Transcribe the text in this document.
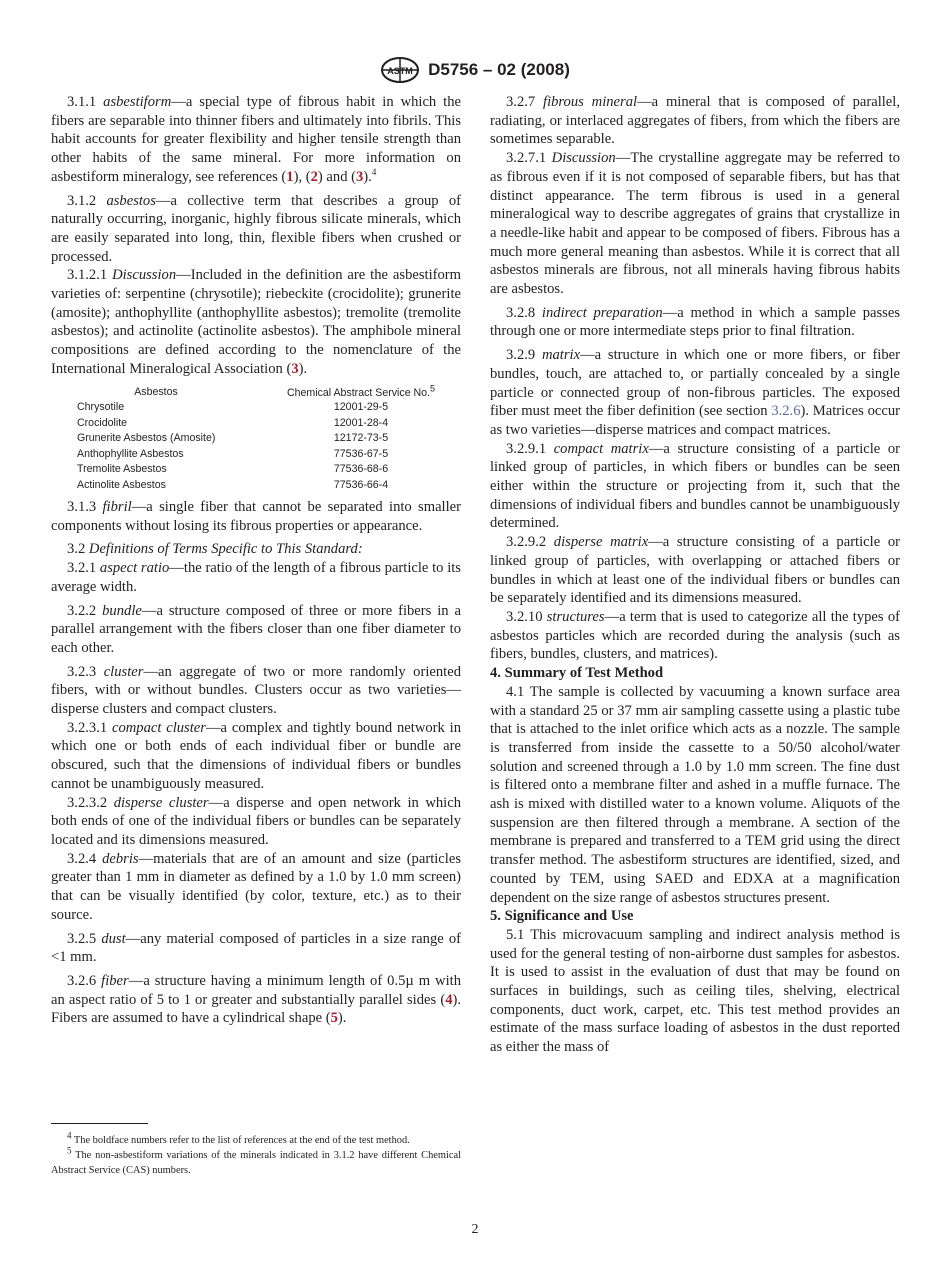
ASTM D5756 – 02 (2008)

3.1.1 asbestiform—a special type of fibrous habit in which the fibers are separable into thinner fibers and ultimately into fibrils. This habit accounts for greater flexibility and higher tensile strength than other habits of the same mineral. For more information on asbestiform mineralogy, see references (1), (2) and (3).$^4$

3.1.2 asbestos—a collective term that describes a group of naturally occurring, inorganic, highly fibrous silicate minerals, which are easily separated into long, thin, flexible fibers when crushed or processed.

3.1.2.1 Discussion—Included in the definition are the asbestiform varieties of: serpentine (chrysotile); riebeckite (crocidolite); grunerite (amosite); anthophyllite (anthophyllite asbestos); tremolite (tremolite asbestos); and actinolite (actinolite asbestos). The amphibole mineral compositions are defined according to the nomenclature of the International Mineralogical Association (3).

Asbestos	Chemical Abstract Service No.$^5$
Chrysotile	12001-29-5
Crocidolite	12001-28-4
Grunerite Asbestos (Amosite)	12172-73-5
Anthophyllite Asbestos	77536-67-5
Tremolite Asbestos	77536-68-6
Actinolite Asbestos	77536-66-4

3.1.3 fibril—a single fiber that cannot be separated into smaller components without losing its fibrous properties or appearance.

3.2 Definitions of Terms Specific to This Standard:

3.2.1 aspect ratio—the ratio of the length of a fibrous particle to its average width.

3.2.2 bundle—a structure composed of three or more fibers in a parallel arrangement with the fibers closer than one fiber diameter to each other.

3.2.3 cluster—an aggregate of two or more randomly oriented fibers, with or without bundles. Clusters occur as two varieties—disperse clusters and compact clusters.

3.2.3.1 compact cluster—a complex and tightly bound network in which one or both ends of each individual fiber or bundle are obscured, such that the dimensions of individual fibers or bundles cannot be unambiguously measured.

3.2.3.2 disperse cluster—a disperse and open network in which both ends of one of the individual fibers or bundles can be separately located and its dimensions measured.

3.2.4 debris—materials that are of an amount and size (particles greater than 1 mm in diameter as defined by a 1.0 by 1.0 mm screen) that can be visually identified (by color, texture, etc.) as to their source.

3.2.5 dust—any material composed of particles in a size range of <1 mm.

3.2.6 fiber—a structure having a minimum length of 0.5µ m with an aspect ratio of 5 to 1 or greater and substantially parallel sides (4). Fibers are assumed to have a cylindrical shape (5).

3.2.7 fibrous mineral—a mineral that is composed of parallel, radiating, or interlaced aggregates of fibers, from which the fibers are sometimes separable.

3.2.7.1 Discussion—The crystalline aggregate may be referred to as fibrous even if it is not composed of separable fibers, but has that distinct appearance. The term fibrous is used in a general mineralogical way to describe aggregates of grains that crystallize in a needle-like habit and appear to be composed of fibers. Fibrous has a much more general meaning than asbestos. While it is correct that all asbestos minerals are fibrous, not all minerals having fibrous habits are asbestos.

3.2.8 indirect preparation—a method in which a sample passes through one or more intermediate steps prior to final filtration.

3.2.9 matrix—a structure in which one or more fibers, or fiber bundles, touch, are attached to, or partially concealed by a single particle or connected group of non-fibrous particles. The exposed fiber must meet the fiber definition (see section 3.2.6). Matrices occur as two varieties—disperse matrices and compact matrices.

3.2.9.1 compact matrix—a structure consisting of a particle or linked group of particles, in which fibers or bundles can be seen either within the structure or projecting from it, such that the dimensions of individual fibers and bundles cannot be unambiguously determined.

3.2.9.2 disperse matrix—a structure consisting of a particle or linked group of particles, with overlapping or attached fibers or bundles in which at least one of the individual fibers or bundles can be separately identified and its dimensions measured.

3.2.10 structures—a term that is used to categorize all the types of asbestos particles which are recorded during the analysis (such as fibers, bundles, clusters, and matrices).

4. Summary of Test Method

4.1 The sample is collected by vacuuming a known surface area with a standard 25 or 37 mm air sampling cassette using a plastic tube that is attached to the inlet orifice which acts as a nozzle. The sample is transferred from inside the cassette to a 50/50 alcohol/water solution and screened through a 1.0 by 1.0 mm screen. The fine dust is filtered onto a membrane filter and ashed in a muffle furnace. The ash is mixed with distilled water to a known volume. Aliquots of the suspension are then filtered through a membrane. A section of the membrane is prepared and transferred to a TEM grid using the direct transfer method. The asbestiform structures are identified, sized, and counted by TEM, using SAED and EDXA at a magnification dependent on the size range of asbestos structures present.

5. Significance and Use

5.1 This microvacuum sampling and indirect analysis method is used for the general testing of non-airborne dust samples for asbestos. It is used to assist in the evaluation of dust that may be found on surfaces in buildings, such as ceiling tiles, shelving, electrical components, duct work, carpet, etc. This test method provides an estimate of the mass surface loading of asbestos in the dust reported as either the mass of

$^4$ The boldface numbers refer to the list of references at the end of the test method.

$^5$ The non-asbestiform variations of the minerals indicated in 3.1.2 have different Chemical Abstract Service (CAS) numbers.

2
